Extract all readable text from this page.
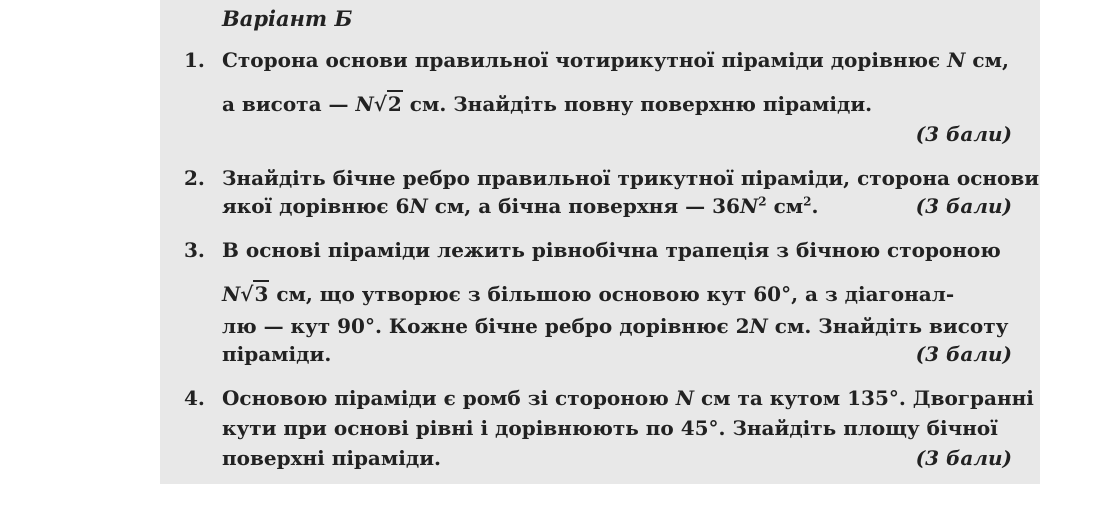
Варіант Б
1. Сторона основи правильної чотирикутної піраміди дорівнює N см,
а висота — N√2 см. Знайдіть повну поверхню піраміди.
(3 бали)
2. Знайдіть бічне ребро правильної трикутної піраміди, сторона основи
якої дорівнює 6N см, а бічна поверхня — $36N^2$ $см^2$.	(3 бали)
3. В основі піраміди лежить рівнобічна трапеція з бічною стороною
N√3 см, що утворює з більшою основою кут 60°, а з діагонал-
лю — кут 90°. Кожне бічне ребро дорівнює 2N см. Знайдіть висоту
піраміди.	(3 бали)
4. Основою піраміди є ромб зі стороною N см та кутом 135°. Двогранні
кути при основі рівні і дорівнюють по 45°. Знайдіть площу бічної
поверхні піраміди.	(3 бали)
